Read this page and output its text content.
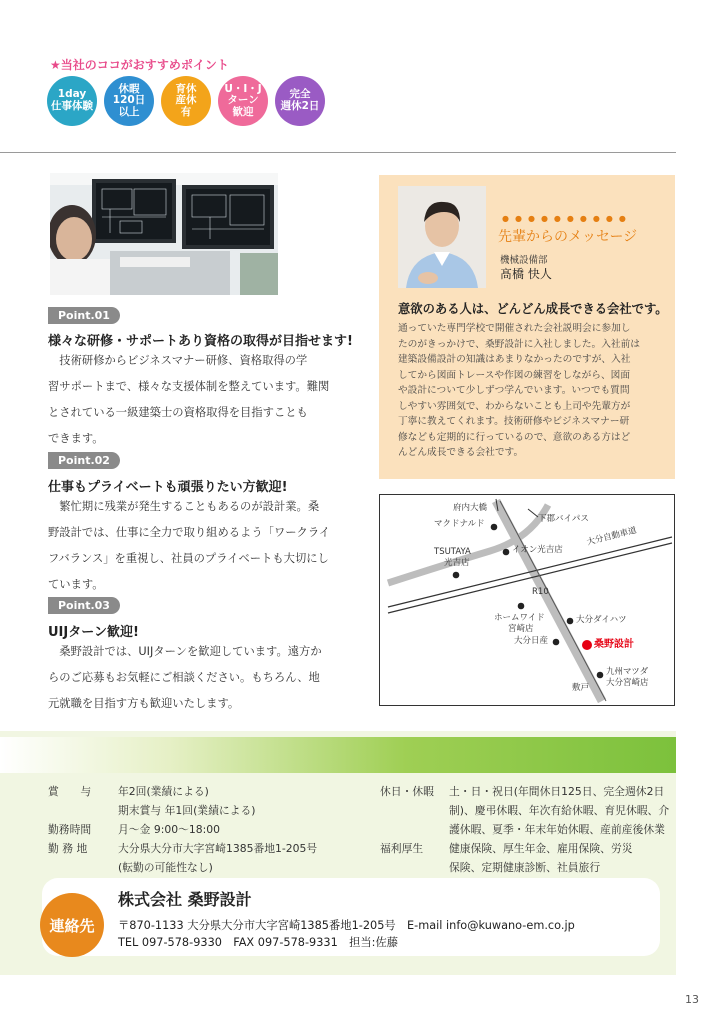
★当社のココがおすすめポイント
1day
仕事体験
休暇
120日
以上
育休
産休
有
U・I・J
ターン
歓迎
完全
週休2日
Point.01
様々な研修・サポートあり資格の取得が目指せます!
技術研修からビジネスマナー研修、資格取得の学
習サポートまで、様々な支援体制を整えています。難関
とされている一級建築士の資格取得を目指すことも
できます。
Point.02
仕事もプライベートも頑張りたい方歓迎!
繁忙期に残業が発生することもあるのが設計業。桑
野設計では、仕事に全力で取り組めるよう「ワークライ
フバランス」を重視し、社員のプライベートも大切にし
ています。
Point.03
UIJターン歓迎!
桑野設計では、UIJターンを歓迎しています。遠方か
らのご応募もお気軽にご相談ください。もちろん、地
元就職を目指す方も歓迎いたします。
●●●●●●●●●●
先輩からのメッセージ
機械設備部
髙橋 快人
意欲のある人は、どんどん成長できる会社です。
通っていた専門学校で開催された会社説明会に参加し
たのがきっかけで、桑野設計に入社しました。入社前は
建築設備設計の知識はあまりなかったのですが、入社
してから図面トレースや作図の練習をしながら、図面
や設計について少しずつ学んでいます。いつでも質問
しやすい雰囲気で、わからないことも上司や先輩方が
丁寧に教えてくれます。技術研修やビジネスマナー研
修なども定期的に行っているので、意欲のある方はど
んどん成長できる会社です。
府内大橋
マクドナルド	下郡バイパス
TSUTAYA
光吉店
イオン光吉店
大分自動車道
R10
ホームワイド
宮崎店
大分ダイハツ
大分日産	桑野設計
九州マツダ
大分宮崎店
敷戸
賞　　与 年2回(業績による)
期末賞与 年1回(業績による)
勤務時間 月〜金 9:00〜18:00
勤 務 地	大分県大分市大字宮崎1385番地1-205号
(転勤の可能性なし)
休日・休暇 土・日・祝日(年間休日125日、完全週休2日
制)、慶弔休暇、年次有給休暇、育児休暇、介
護休暇、夏季・年末年始休暇、産前産後休業
福利厚生 健康保険、厚生年金、雇用保険、労災
保険、定期健康診断、社員旅行
連絡先
株式会社 桑野設計
〒870-1133 大分県大分市大字宮崎1385番地1-205号　E-mail info@kuwano-em.co.jp
TEL 097-578-9330　FAX 097-578-9331　担当:佐藤
13
